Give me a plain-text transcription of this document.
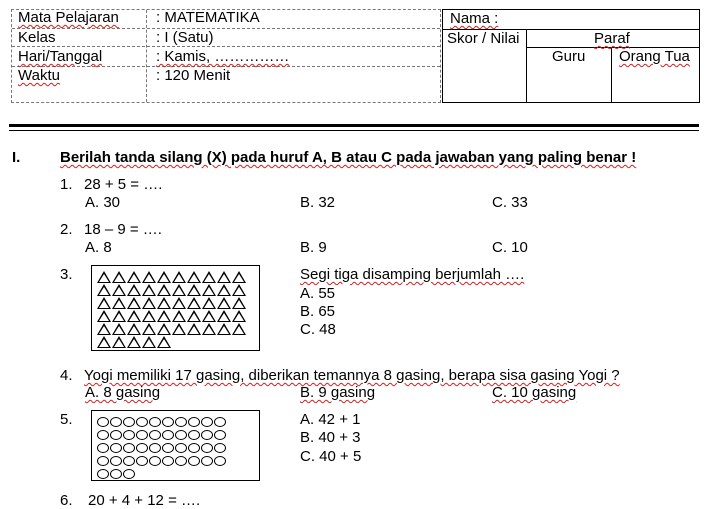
Mata Pelajaran : MATEMATIKA
Kelas	: I (Satu)
Hari/Tanggal	: Kamis, ……………
Waktu	: 120 Menit
Nama :
Skor / Nilai	Paraf
Guru Orang Tua
I.	Berilah tanda silang (X) pada huruf A, B atau C pada jawaban yang paling benar !
1. 28 + 5 = ….
A. 30	B. 32	C. 33
2. 18 – 9 = ….
A. 8	B. 9	C. 10
3.	Segi tiga disamping berjumlah ….
A. 55
B. 65
C. 48
4. Yogi memiliki 17 gasing, diberikan temannya 8 gasing, berapa sisa gasing Yogi ?
A. 8 gasing	B. 9 gasing	C. 10 gasing
5.	A. 42 + 1
B. 40 + 3
C. 40 + 5
6. 20 + 4 + 12 = ….
